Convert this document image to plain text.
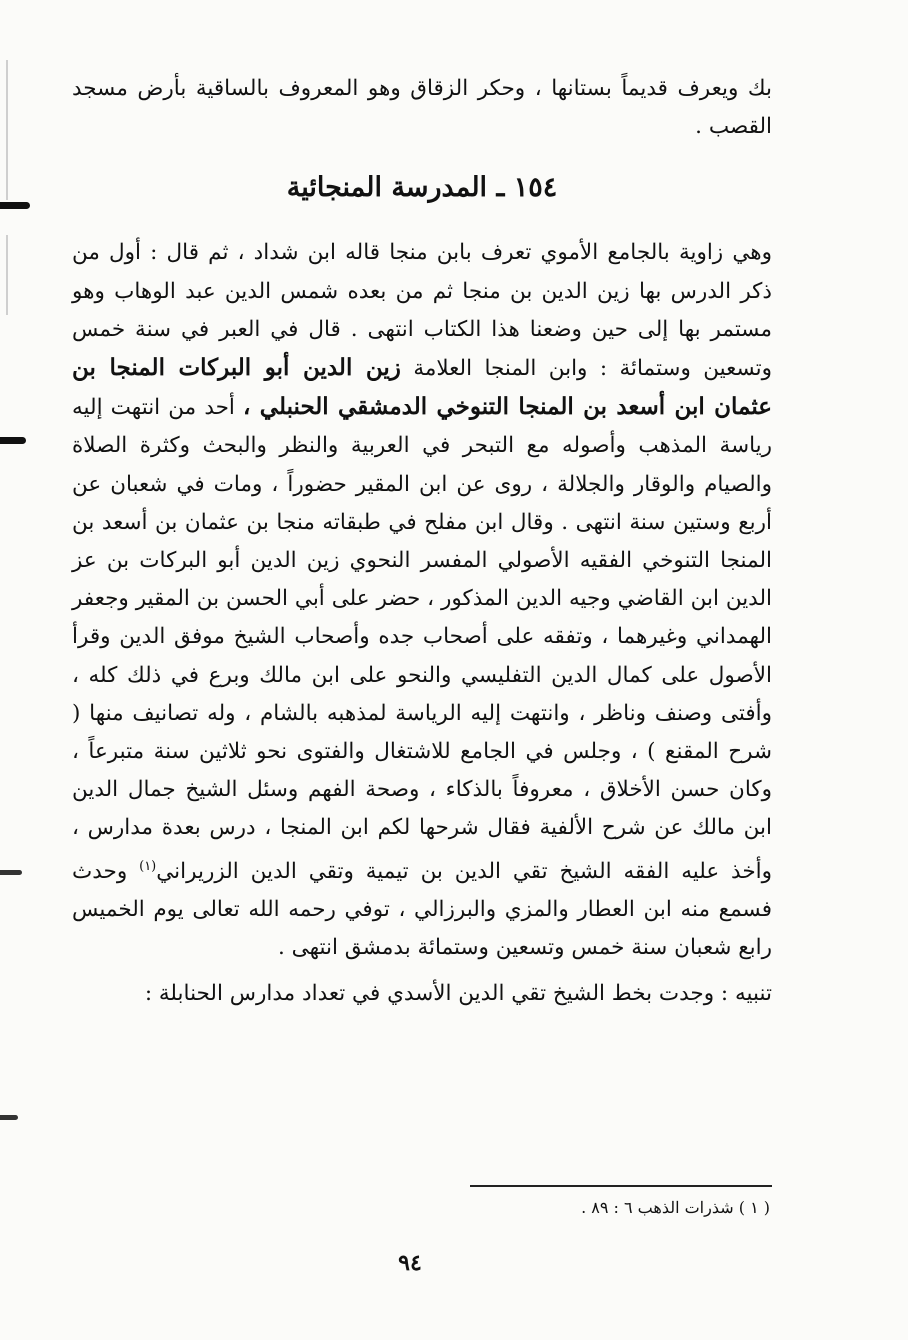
بك ويعرف قديماً بستانها ، وحكر الزقاق وهو المعروف بالساقية بأرض مسجد القصب .

١٥٤ ـ المدرسة المنجائية

وهي زاوية بالجامع الأموي تعرف بابن منجا قاله ابن شداد ، ثم قال : أول من ذكر الدرس بها زين الدين بن منجا ثم من بعده شمس الدين عبد الوهاب وهو مستمر بها إلى حين وضعنا هذا الكتاب انتهى . قال في العبر في سنة خمس وتسعين وستمائة : وابن المنجا العلامة زين الدين أبو البركات المنجا بن عثمان ابن أسعد بن المنجا التنوخي الدمشقي الحنبلي ، أحد من انتهت إليه رياسة المذهب وأصوله مع التبحر في العربية والنظر والبحث وكثرة الصلاة والصيام والوقار والجلالة ، روى عن ابن المقير حضوراً ، ومات في شعبان عن أربع وستين سنة انتهى . وقال ابن مفلح في طبقاته منجا بن عثمان بن أسعد بن المنجا التنوخي الفقيه الأصولي المفسر النحوي زين الدين أبو البركات بن عز الدين ابن القاضي وجيه الدين المذكور ، حضر على أبي الحسن بن المقير وجعفر الهمداني وغيرهما ، وتفقه على أصحاب جده وأصحاب الشيخ موفق الدين وقرأ الأصول على كمال الدين التفليسي والنحو على ابن مالك وبرع في ذلك كله ، وأفتى وصنف وناظر ، وانتهت إليه الرياسة لمذهبه بالشام ، وله تصانيف منها ( شرح المقنع ) ، وجلس في الجامع للاشتغال والفتوى نحو ثلاثين سنة متبرعاً ، وكان حسن الأخلاق ، معروفاً بالذكاء ، وصحة الفهم وسئل الشيخ جمال الدين ابن مالك عن شرح الألفية فقال شرحها لكم ابن المنجا ، درس بعدة مدارس ، وأخذ عليه الفقه الشيخ تقي الدين بن تيمية وتقي الدين الزريراني$^{(١)}$ وحدث فسمع منه ابن العطار والمزي والبرزالي ، توفي رحمه الله تعالى يوم الخميس رابع شعبان سنة خمس وتسعين وستمائة بدمشق انتهى .

تنبيه : وجدت بخط الشيخ تقي الدين الأسدي في تعداد مدارس الحنابلة :

( ١ ) شذرات الذهب ٦ : ٨٩ .
٩٤
